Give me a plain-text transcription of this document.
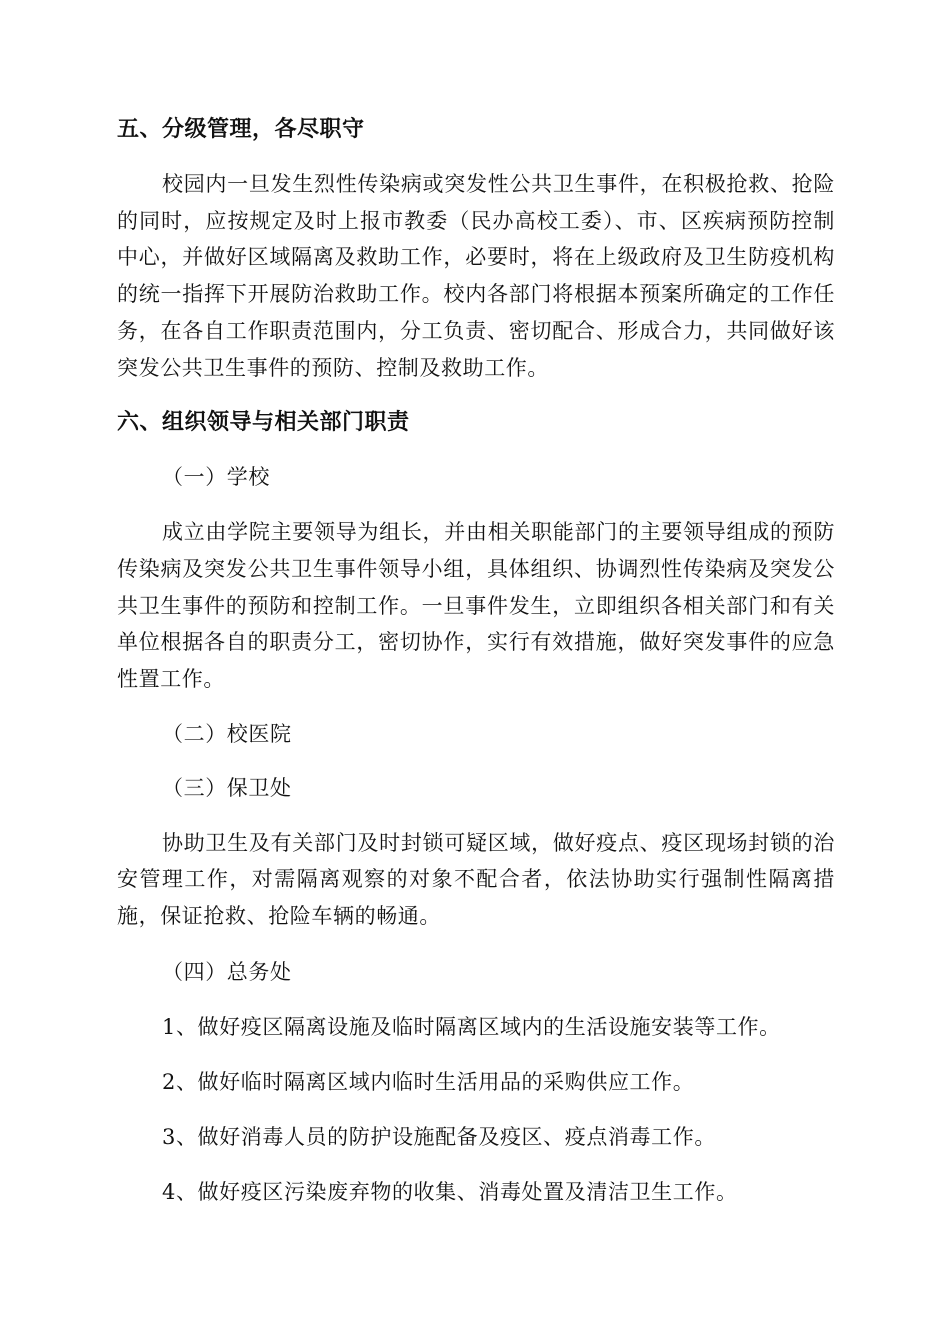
五、分级管理，各尽职守

校园内一旦发生烈性传染病或突发性公共卫生事件，在积极抢救、抢险的同时，应按规定及时上报市教委（民办高校工委）、市、区疾病预防控制中心，并做好区域隔离及救助工作，必要时，将在上级政府及卫生防疫机构的统一指挥下开展防治救助工作。校内各部门将根据本预案所确定的工作任务，在各自工作职责范围内，分工负责、密切配合、形成合力，共同做好该突发公共卫生事件的预防、控制及救助工作。

六、组织领导与相关部门职责

（一）学校

成立由学院主要领导为组长，并由相关职能部门的主要领导组成的预防传染病及突发公共卫生事件领导小组，具体组织、协调烈性传染病及突发公共卫生事件的预防和控制工作。一旦事件发生，立即组织各相关部门和有关单位根据各自的职责分工，密切协作，实行有效措施，做好突发事件的应急性置工作。

（二）校医院

（三）保卫处

协助卫生及有关部门及时封锁可疑区域，做好疫点、疫区现场封锁的治安管理工作，对需隔离观察的对象不配合者，依法协助实行强制性隔离措施，保证抢救、抢险车辆的畅通。

（四）总务处

1、做好疫区隔离设施及临时隔离区域内的生活设施安装等工作。

2、做好临时隔离区域内临时生活用品的采购供应工作。

3、做好消毒人员的防护设施配备及疫区、疫点消毒工作。

4、做好疫区污染废弃物的收集、消毒处置及清洁卫生工作。
